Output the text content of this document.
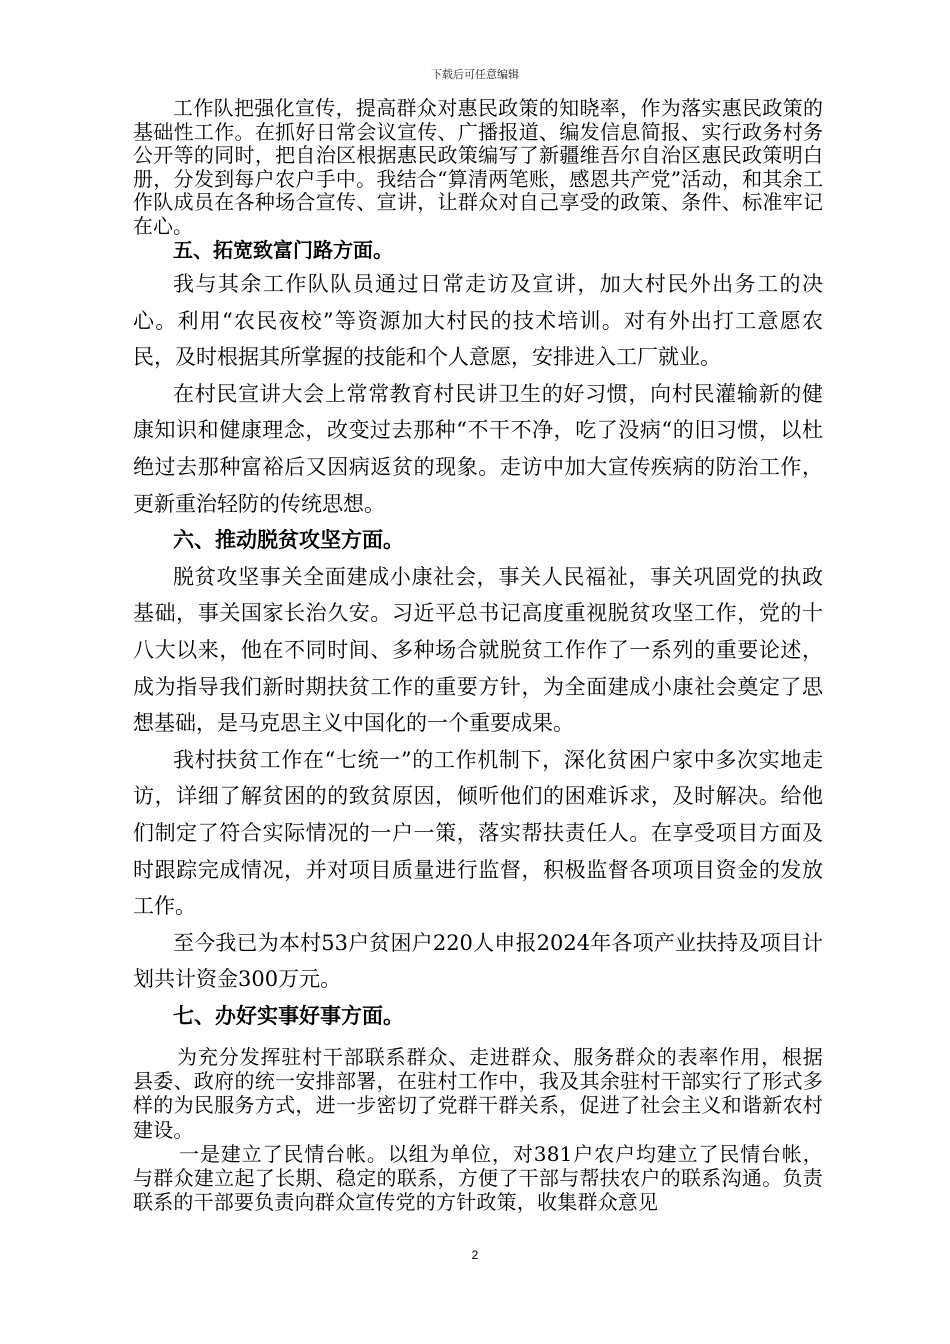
下载后可任意编辑

工作队把强化宣传，提高群众对惠民政策的知晓率，作为落实惠民政策的基础性工作。在抓好日常会议宣传、广播报道、编发信息简报、实行政务村务公开等的同时，把自治区根据惠民政策编写了新疆维吾尔自治区惠民政策明白册，分发到每户农户手中。我结合“算清两笔账，感恩共产党”活动，和其余工作队成员在各种场合宣传、宣讲，让群众对自己享受的政策、条件、标准牢记在心。

五、拓宽致富门路方面。

我与其余工作队队员通过日常走访及宣讲，加大村民外出务工的决心。利用“农民夜校”等资源加大村民的技术培训。对有外出打工意愿农民，及时根据其所掌握的技能和个人意愿，安排进入工厂就业。

在村民宣讲大会上常常教育村民讲卫生的好习惯，向村民灌输新的健康知识和健康理念，改变过去那种“不干不净，吃了没病“的旧习惯，以杜绝过去那种富裕后又因病返贫的现象。走访中加大宣传疾病的防治工作，更新重治轻防的传统思想。

六、推动脱贫攻坚方面。

脱贫攻坚事关全面建成小康社会，事关人民福祉，事关巩固党的执政基础，事关国家长治久安。习近平总书记高度重视脱贫攻坚工作，党的十八大以来，他在不同时间、多种场合就脱贫工作作了一系列的重要论述，成为指导我们新时期扶贫工作的重要方针，为全面建成小康社会奠定了思想基础，是马克思主义中国化的一个重要成果。

我村扶贫工作在“七统一”的工作机制下，深化贫困户家中多次实地走访，详细了解贫困的的致贫原因，倾听他们的困难诉求，及时解决。给他们制定了符合实际情况的一户一策，落实帮扶责任人。在享受项目方面及时跟踪完成情况，并对项目质量进行监督，积极监督各项项目资金的发放工作。

至今我已为本村53户贫困户220人申报2024年各项产业扶持及项目计划共计资金300万元。

七、办好实事好事方面。

为充分发挥驻村干部联系群众、走进群众、服务群众的表率作用，根据县委、政府的统一安排部署，在驻村工作中，我及其余驻村干部实行了形式多样的为民服务方式，进一步密切了党群干群关系，促进了社会主义和谐新农村建设。

一是建立了民情台帐。以组为单位，对381户农户均建立了民情台帐，与群众建立起了长期、稳定的联系，方便了干部与帮扶农户的联系沟通。负责联系的干部要负责向群众宣传党的方针政策，收集群众意见

2
